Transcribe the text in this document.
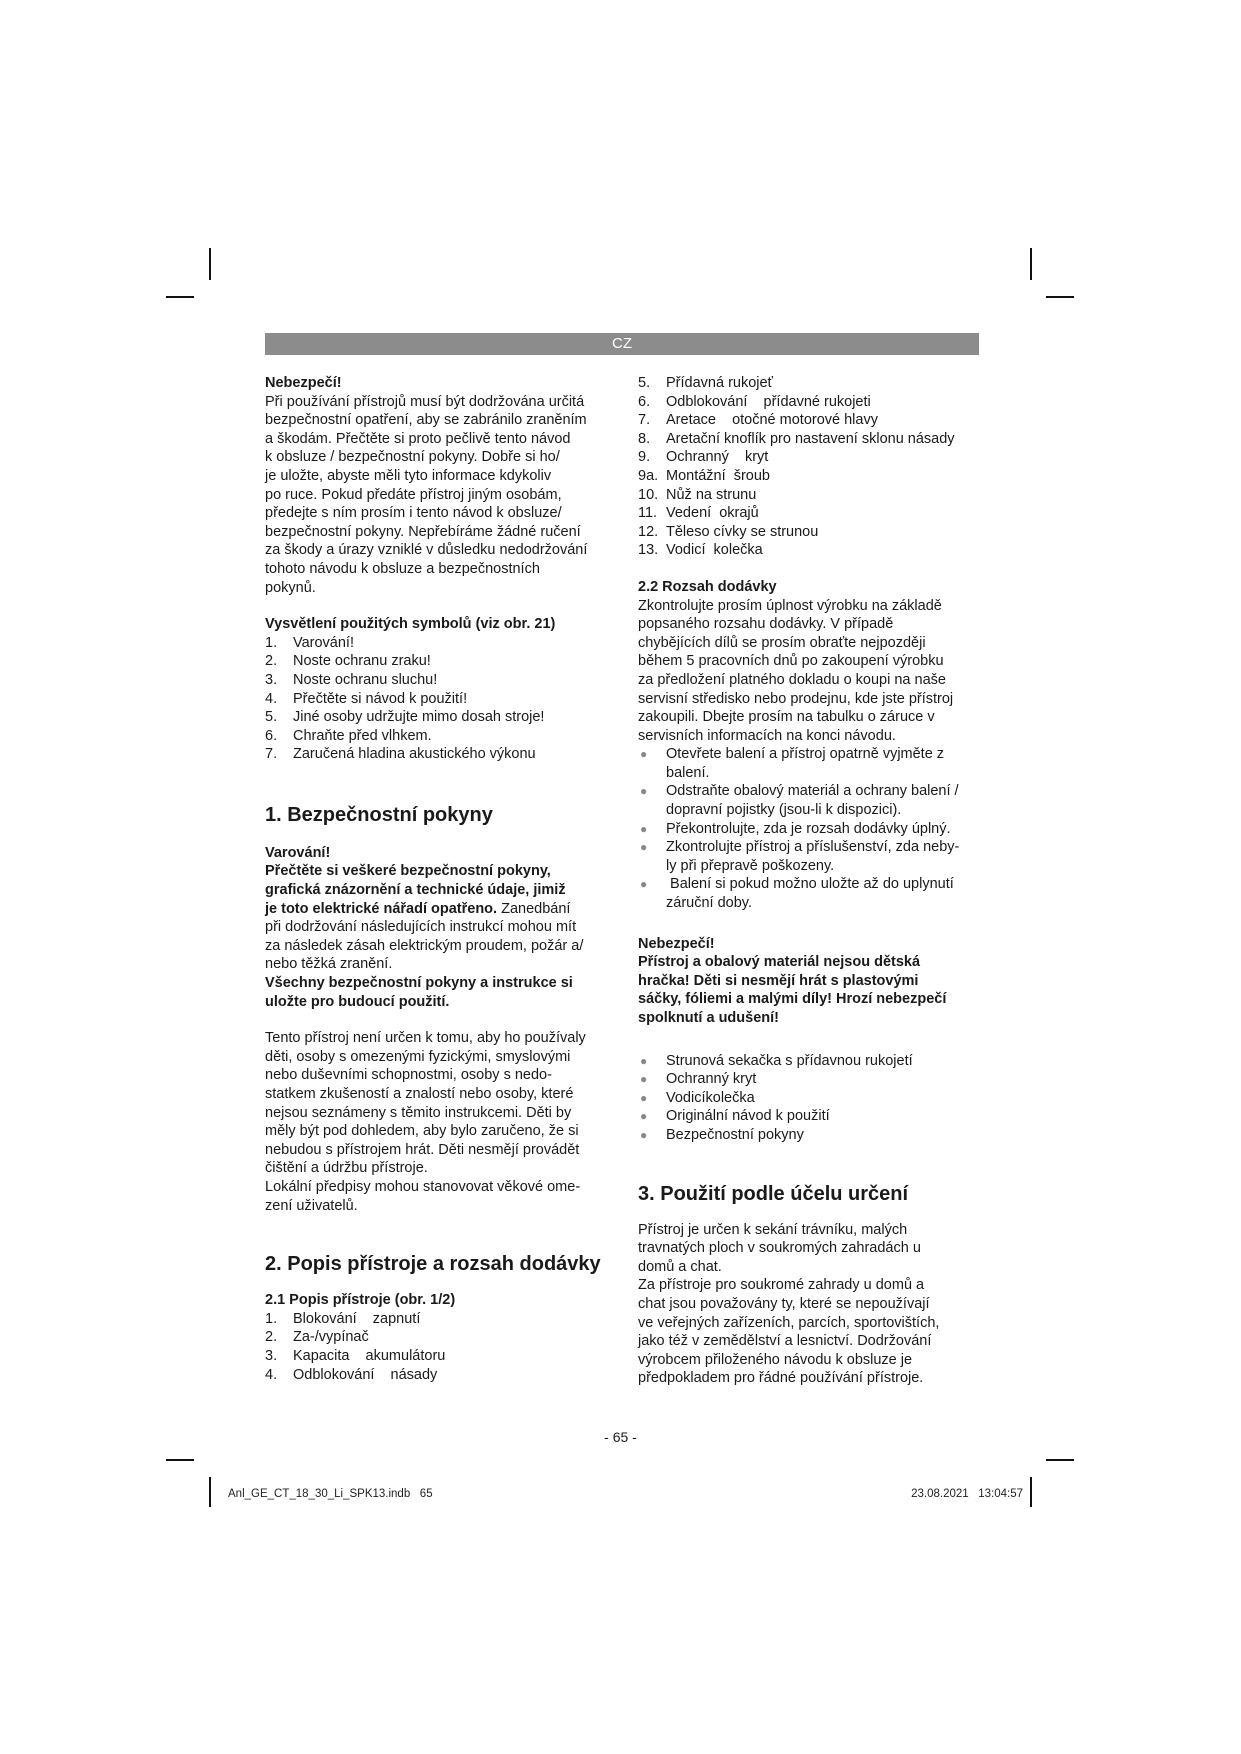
CZ

Nebezpečí!

Při používání přístrojů musí být dodržována určitá
bezpečnostní opatření, aby se zabránilo zraněním
a škodám. Přečtěte si proto pečlivě tento návod
k obsluze / bezpečnostní pokyny. Dobře si ho/
je uložte, abyste měli tyto informace kdykoliv
po ruce. Pokud předáte přístroj jiným osobám,
předejte s ním prosím i tento návod k obsluze/
bezpečnostní pokyny. Nepřebíráme žádné ručení
za škody a úrazy vzniklé v důsledku nedodržování
tohoto návodu k obsluze a bezpečnostních
pokynů.

Vysvětlení použitých symbolů (viz obr. 21)

1. Varování!
2. Noste ochranu zraku!
3. Noste ochranu sluchu!
4. Přečtěte si návod k použití!
5. Jiné osoby udržujte mimo dosah stroje!
6. Chraňte před vlhkem.
7. Zaručená hladina akustického výkonu

1. Bezpečnostní pokyny

Varování!

Přečtěte si veškeré bezpečnostní pokyny,
grafická znázornění a technické údaje, jimiž
je toto elektrické nářadí opatřeno. Zanedbání
při dodržování následujících instrukcí mohou mít
za následek zásah elektrickým proudem, požár a/
nebo těžká zranění.
Všechny bezpečnostní pokyny a instrukce si
uložte pro budoucí použití.
Tento přístroj není určen k tomu, aby ho používaly
děti, osoby s omezenými fyzickými, smyslovými
nebo duševními schopnostmi, osoby s nedo-
statkem zkušeností a znalostí nebo osoby, které
nejsou seznámeny s těmito instrukcemi. Děti by
měly být pod dohledem, aby bylo zaručeno, že si
nebudou s přístrojem hrát. Děti nesmějí provádět
čištění a údržbu přístroje.
Lokální předpisy mohou stanovovat věkové ome-
zení uživatelů.

2. Popis přístroje a rozsah dodávky

2.1 Popis přístroje (obr. 1/2)

1. Blokování    zapnutí
2. Za-/vypínač
3. Kapacita    akumulátoru
4. Odblokování    násady
5. Přídavná rukojeť
6. Odblokování    přídavné rukojeti
7. Aretace    otočné motorové hlavy
8. Aretační knoflík pro nastavení sklonu násady
9. Ochranný    kryt
9a. Montážní  šroub
10. Nůž na strunu
11. Vedení  okrajů
12. Těleso cívky se strunou
13. Vodicí  kolečka

2.2 Rozsah dodávky

Zkontrolujte prosím úplnost výrobku na základě
popsaného rozsahu dodávky. V případě
chybějících dílů se prosím obraťte nejpozději
během 5 pracovních dnů po zakoupení výrobku
za předložení platného dokladu o koupi na naše
servisní středisko nebo prodejnu, kde jste přístroj
zakoupili. Dbejte prosím na tabulku o záruce v
servisních informacích na konci návodu.
● Otevřete balení a přístroj opatrně vyjměte z
balení.
● Odstraňte obalový materiál a ochrany balení /
dopravní pojistky (jsou-li k dispozici).
● Překontrolujte, zda je rozsah dodávky úplný.
● Zkontrolujte přístroj a příslušenství, zda neby-
ly při přepravě poškozeny.
● Balení si pokud možno uložte až do uplynutí
záruční doby.

Nebezpečí!

Přístroj a obalový materiál nejsou dětská
hračka! Děti si nesmějí hrát s plastovými
sáčky, fóliemi a malými díly! Hrozí nebezpečí
spolknutí a udušení!
● Strunová sekačka s přídavnou rukojetí
● Ochranný kryt
● Vodicíkolečka
● Originální návod k použití
● Bezpečnostní pokyny

3. Použití podle účelu určení

Přístroj je určen k sekání trávníku, malých
travnatých ploch v soukromých zahradách u
domů a chat.
Za přístroje pro soukromé zahrady u domů a
chat jsou považovány ty, které se nepoužívají
ve veřejných zařízeních, parcích, sportovištích,
jako též v zemědělství a lesnictví. Dodržování
výrobcem přiloženého návodu k obsluze je
předpokladem pro řádné používání přístroje.
- 65 -
Anl_GE_CT_18_30_Li_SPK13.indb   65	23.08.2021   13:04:57
